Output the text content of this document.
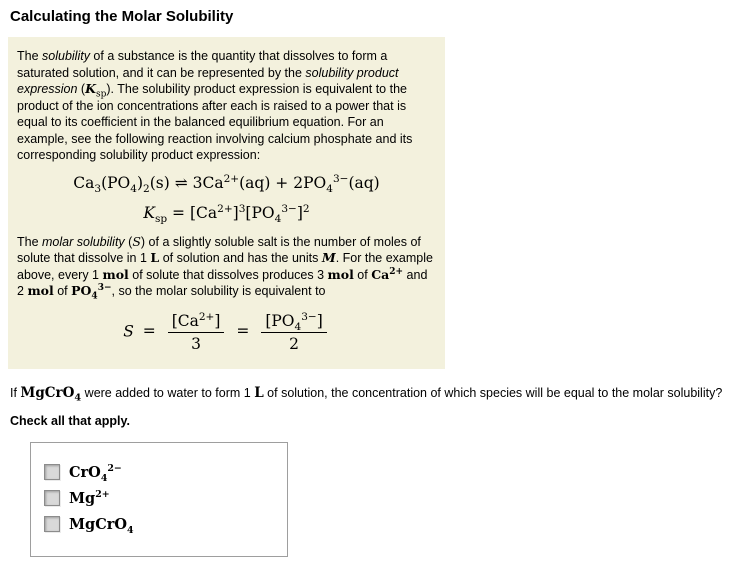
Calculating the Molar Solubility

The solubility of a substance is the quantity that dissolves to form a saturated solution, and it can be represented by the solubility product expression $(K_{sp})$. The solubility product expression is equivalent to the product of the ion concentrations after each is raised to a power that is equal to its coefficient in the balanced equilibrium equation. For an example, see the following reaction involving calcium phosphate and its corresponding solubility product expression:

$Ca_3(PO_4)_2(s)$ ⇌ $3Ca^{2+}(aq) + 2PO_4^{3-}(aq)$
$K_{sp} = [Ca^{2+}]^3[PO_4^{3-}]^2$

The molar solubility (S) of a slightly soluble salt is the number of moles of solute that dissolve in 1 L of solution and has the units M. For the example above, every 1 mol of solute that dissolves produces 3 mol of $Ca^{2+}$ and 2 mol of $PO_4^{3-}$, so the molar solubility is equivalent to

$S = \frac{[Ca^{2+}]}{3} = \frac{[PO_4^{3-}]}{2}$

If MgCrO$_4$ were added to water to form 1 L of solution, the concentration of which species will be equal to the molar solubility?

Check all that apply.

CrO$_4^{2-}$
$Mg^{2+}$
MgCrO$_4$
